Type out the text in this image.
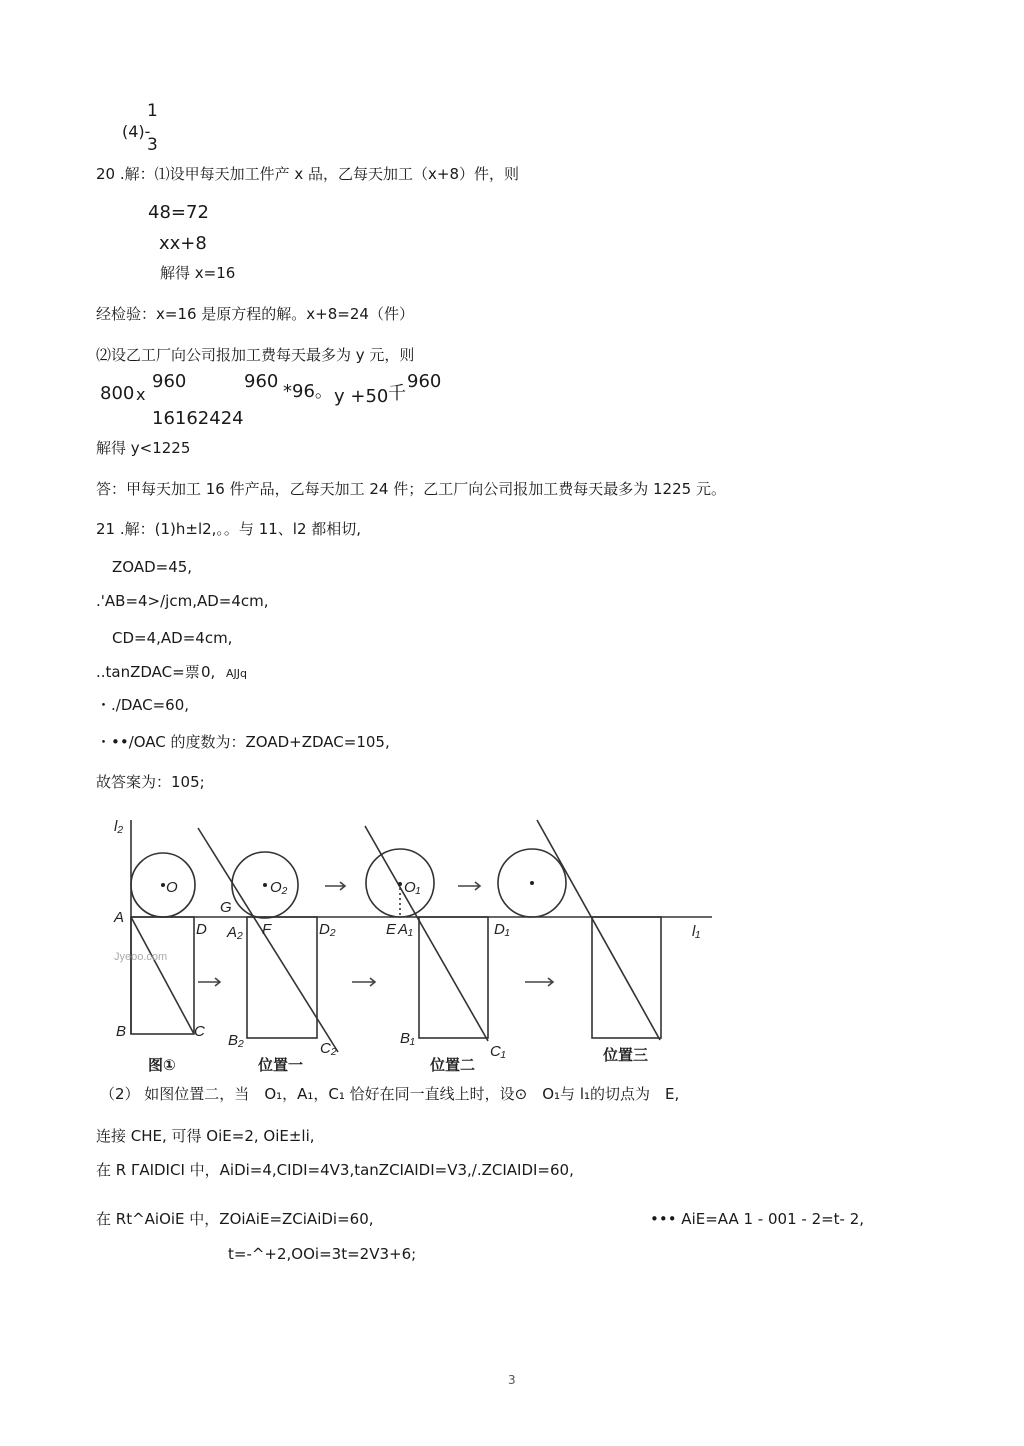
(4)-
1
3
20 .解：⑴设甲每天加工件产 x 品，乙每天加工（x+8）件，则
48=72
xx+8
解得 x=16
经检验：x=16 是原方程的解。x+8=24（件）
⑵设乙工厂向公司报加工费每天最多为 y 元，则
800 x
960	960 *96。 y +50 千
960
16162424
解得 y<1225
答：甲每天加工 16 件产品，乙每天加工 24 件；乙工厂向公司报加工费每天最多为 1225 元。
21 .解：(1)h±l2,。。与 11、l2 都相切,
ZOAD=45,
.'AB=4>/jcm,AD=4cm,
CD=4,AD=4cm,
..tanZDAC=票 0, AJJq
・./DAC=60,
・••/OAC 的度数为：ZOAD+ZDAC=105,
故答案为：105;
l₂
O
A
D
B	C
Jyeoo.com
G
O₂
A₂ F	D₂
B₂	C₂
O₁
E A₁	D₁
B₁
C₁
l₁
图①	位置一	位置二
位置三
（2） 如图位置二，当　O₁，A₁，C₁ 恰好在同一直线上时，设⊙　O₁与 l₁的切点为　E,
连接 CHE, 可得 OiE=2, OiE±li,
在 R ΓAIDICI 中，AiDi=4,CIDI=4V3,tanZCIAIDI=V3,/.ZCIAIDI=60,
在 Rt^AiOiE 中，ZOiAiE=ZCiAiDi=60,	••• AiE=AA 1 - 001 - 2=t- 2,
t=-^+2,OOi=3t=2V3+6;
3
